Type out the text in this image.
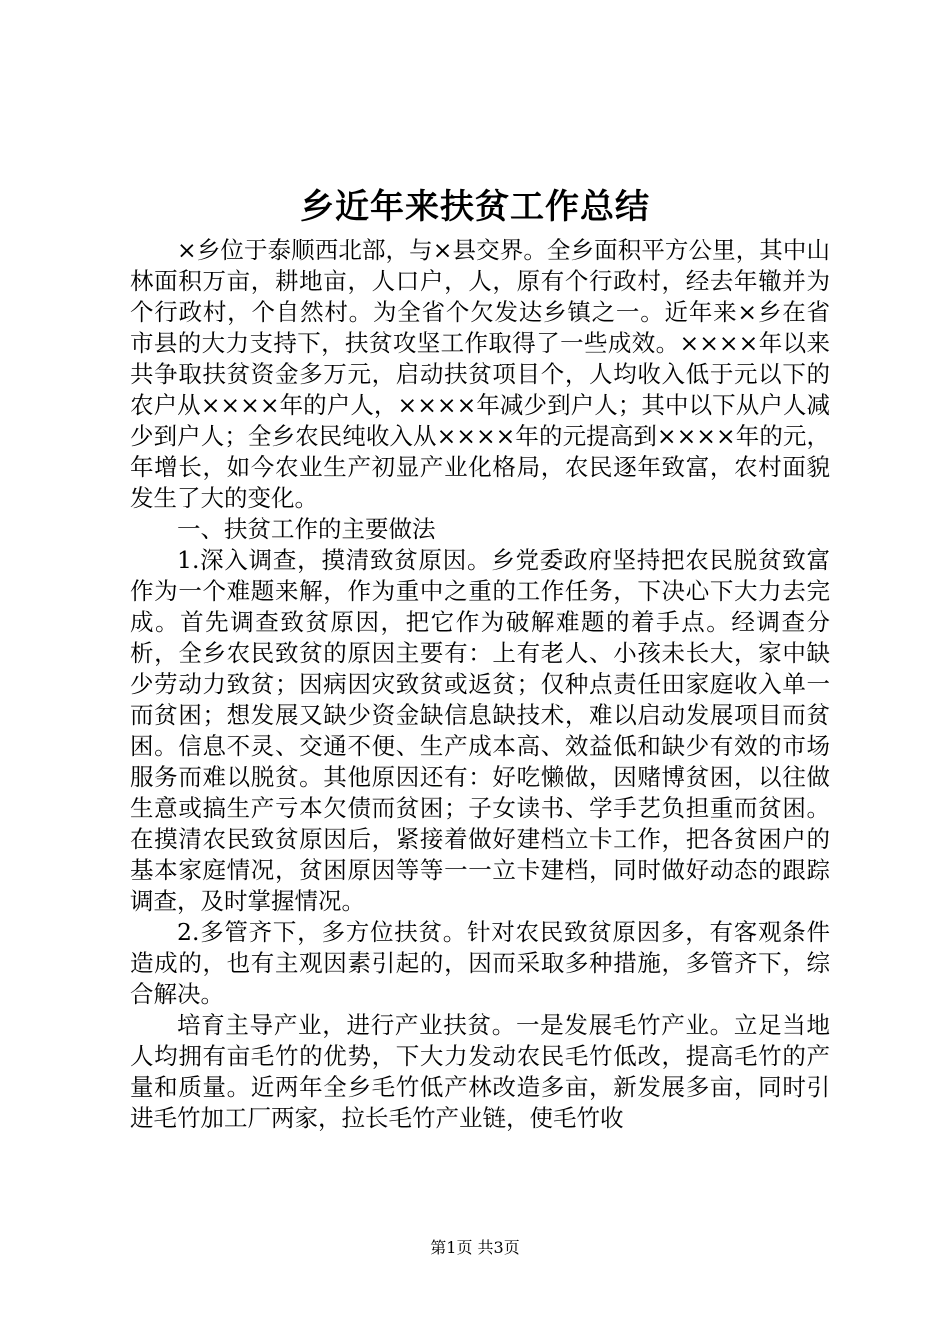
乡近年来扶贫工作总结

×乡位于泰顺西北部，与×县交界。全乡面积平方公里，其中山林面积万亩，耕地亩，人口户，人，原有个行政村，经去年辙并为个行政村，个自然村。为全省个欠发达乡镇之一。近年来×乡在省市县的大力支持下，扶贫攻坚工作取得了一些成效。××××年以来共争取扶贫资金多万元，启动扶贫项目个，人均收入低于元以下的农户从××××年的户人，××××年减少到户人；其中以下从户人减少到户人；全乡农民纯收入从××××年的元提高到××××年的元，年增长，如今农业生产初显产业化格局，农民逐年致富，农村面貌发生了大的变化。

一、扶贫工作的主要做法

1.深入调查，摸清致贫原因。乡党委政府坚持把农民脱贫致富作为一个难题来解，作为重中之重的工作任务，下决心下大力去完成。首先调查致贫原因，把它作为破解难题的着手点。经调查分析，全乡农民致贫的原因主要有：上有老人、小孩未长大，家中缺少劳动力致贫；因病因灾致贫或返贫；仅种点责任田家庭收入单一而贫困；想发展又缺少资金缺信息缺技术，难以启动发展项目而贫困。信息不灵、交通不便、生产成本高、效益低和缺少有效的市场服务而难以脱贫。其他原因还有：好吃懒做，因赌博贫困，以往做生意或搞生产亏本欠债而贫困；子女读书、学手艺负担重而贫困。在摸清农民致贫原因后，紧接着做好建档立卡工作，把各贫困户的基本家庭情况，贫困原因等等一一立卡建档，同时做好动态的跟踪调查，及时掌握情况。

2.多管齐下，多方位扶贫。针对农民致贫原因多，有客观条件造成的，也有主观因素引起的，因而采取多种措施，多管齐下，综合解决。

培育主导产业，进行产业扶贫。一是发展毛竹产业。立足当地人均拥有亩毛竹的优势，下大力发动农民毛竹低改，提高毛竹的产量和质量。近两年全乡毛竹低产林改造多亩，新发展多亩，同时引进毛竹加工厂两家，拉长毛竹产业链，使毛竹收

第1页 共3页
